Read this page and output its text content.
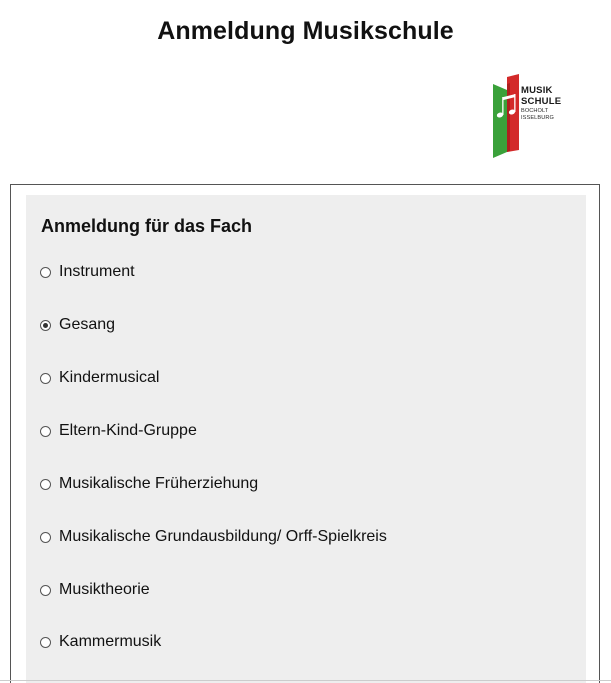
Anmeldung Musikschule
MUSIK
SCHULE
BOCHOLT
ISSELBURG
Anmeldung für das Fach
Instrument
Gesang
Kindermusical
Eltern-Kind-Gruppe
Musikalische Früherziehung
Musikalische Grundausbildung/ Orff-Spielkreis
Musiktheorie
Kammermusik
